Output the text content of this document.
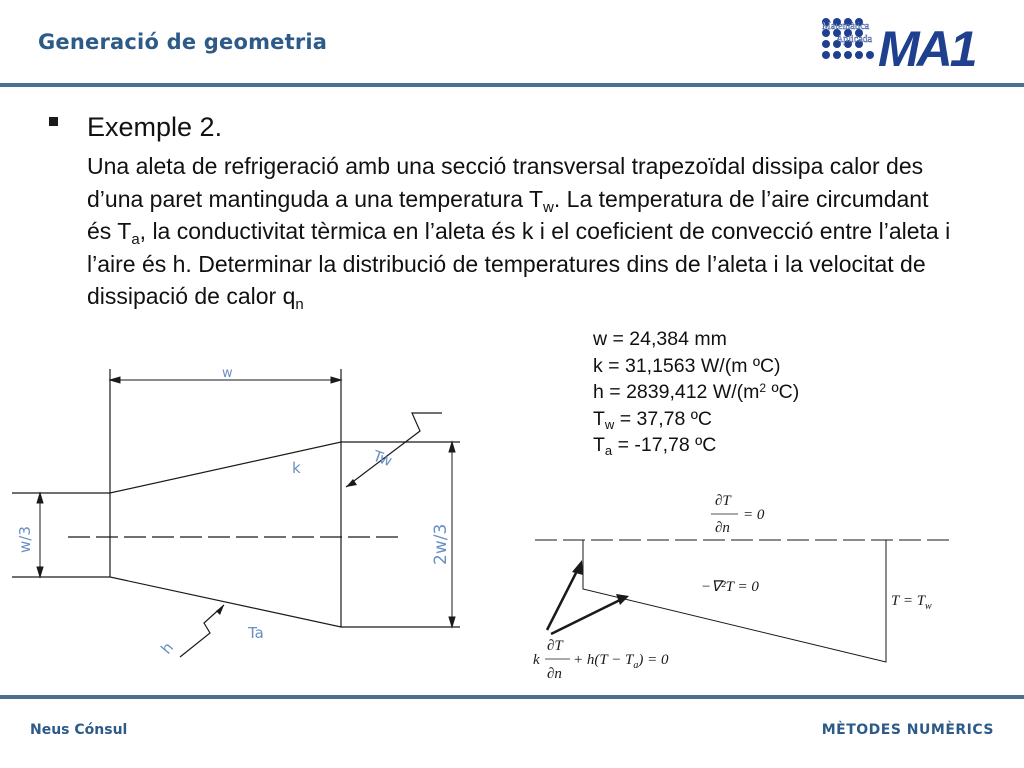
Generació de geometria
Matemàtica
Aplicada MA1
Exemple 2.
Una aleta de refrigeració amb una secció transversal trapezoïdal dissipa calor des d’una paret mantinguda a una temperatura $T_w$. La temperatura de l’aire circumdant és $T_a$, la conductivitat tèrmica en l’aleta és k i el coeficient de convecció entre l’aleta i l’aire és h. Determinar la distribució de temperatures dins de l’aleta i la velocitat de dissipació de calor $q_n$
w = 24,384 mm
k = 31,1563 W/(m ºC)
h = 2839,412 $W/(m^2$ ºC)
$T_w = 37,78$ ºC
$T_a = -17,78$ ºC
w
k	Tw
w/3	2w/3
h
Ta
∂T
∂n
= 0
−∇²T = 0
$T = T_w$
k
∂T
∂n
+ $h(T - T_a) = 0$
Neus Cónsul	MÈTODES NUMÈRICS
